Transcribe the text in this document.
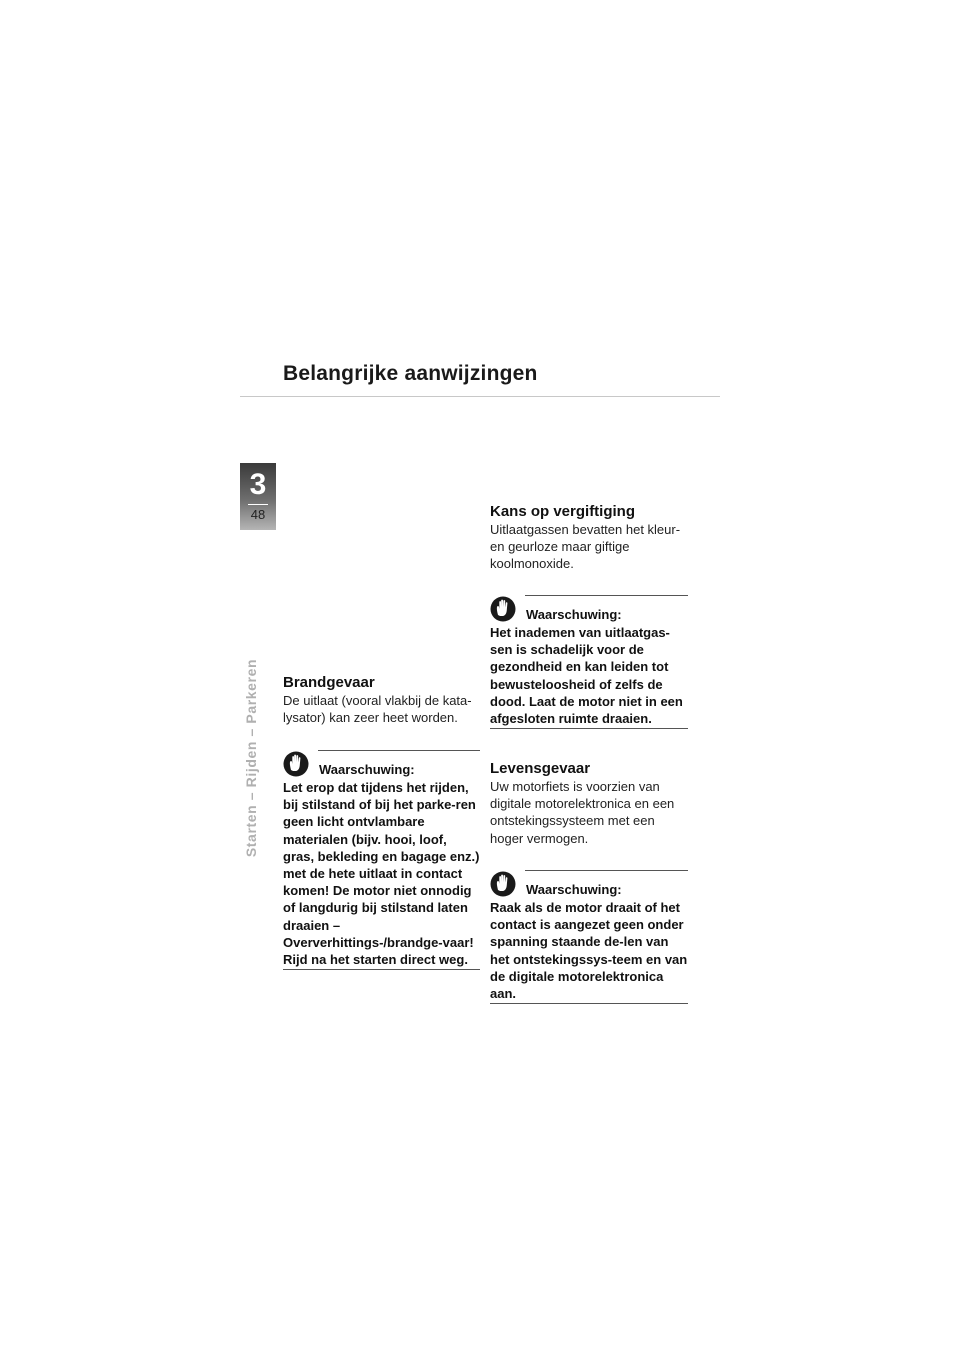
Belangrijke aanwijzingen
3
48
Starten – Rijden – Parkeren Brandgevaar

De uitlaat (vooral vlakbij de kata-lysator) kan zeer heet worden.

Waarschuwing:

Let erop dat tijdens het rijden, bij stilstand of bij het parke-ren geen licht ontvlambare materialen (bijv. hooi, loof, gras, bekleding en bagage enz.) met de hete uitlaat in contact komen! De motor niet onnodig of langdurig bij stilstand laten draaien – Oververhittings-/brandge-vaar! Rijd na het starten direct weg.

Kans op vergiftiging

Uitlaatgassen bevatten het kleur- en geurloze maar giftige koolmonoxide.

Waarschuwing:

Het inademen van uitlaatgas-sen is schadelijk voor de gezondheid en kan leiden tot bewusteloosheid of zelfs de dood. Laat de motor niet in een afgesloten ruimte draaien.

Levensgevaar

Uw motorfiets is voorzien van digitale motorelektronica en een ontstekingssysteem met een hoger vermogen.

Waarschuwing:

Raak als de motor draait of het contact is aangezet geen onder spanning staande de-len van het ontstekingssys-teem en van de digitale motorelektronica aan.
